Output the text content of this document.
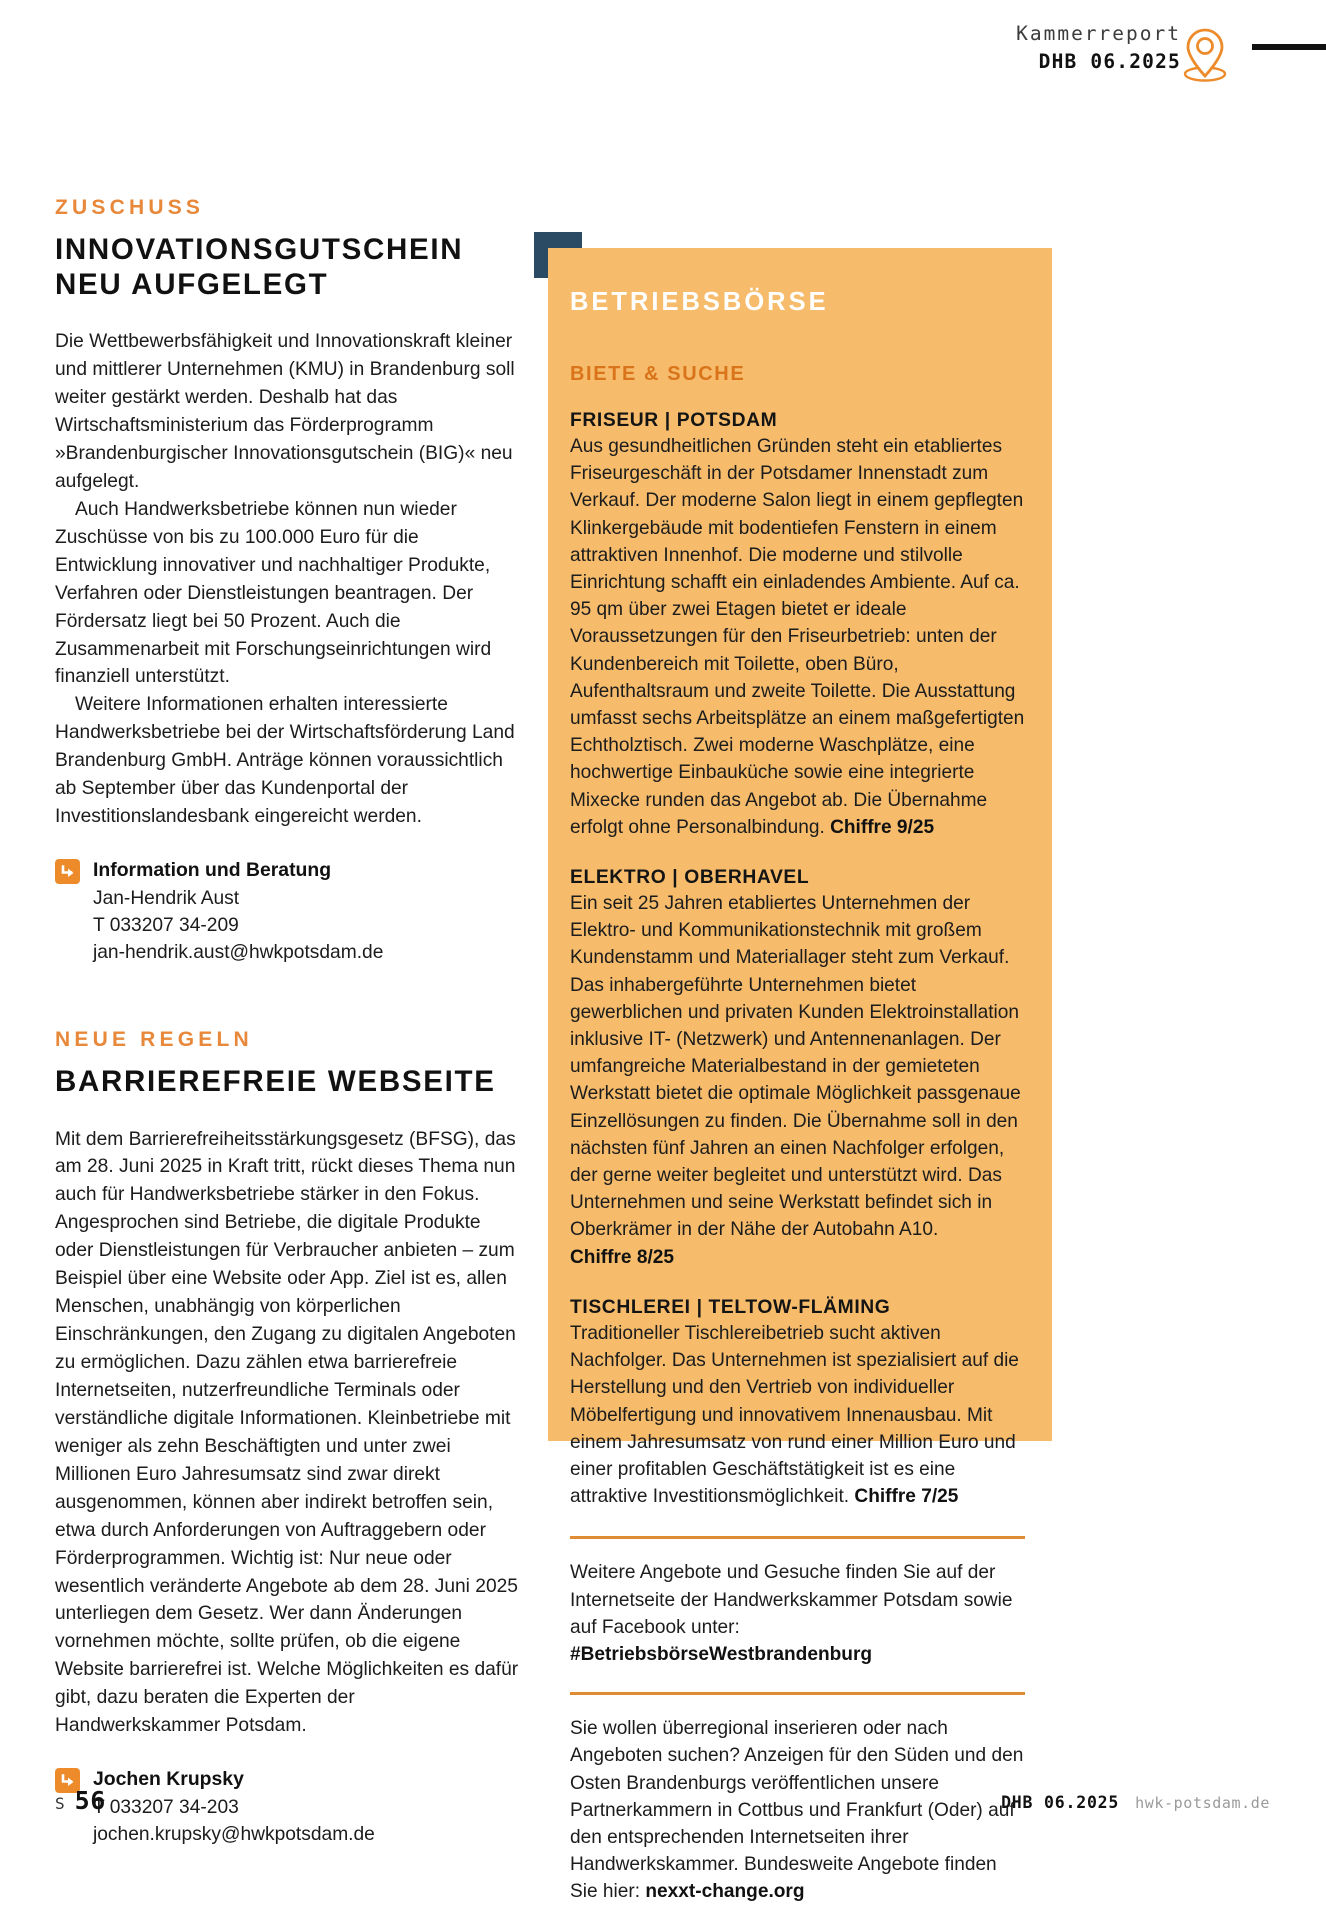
Kammerreport
DHB 06.2025
ZUSCHUSS
INNOVATIONSGUTSCHEIN
NEU AUFGELEGT

Die Wettbewerbsfähigkeit und Innovationskraft kleiner und mittlerer Unternehmen (KMU) in Brandenburg soll weiter gestärkt werden. Deshalb hat das Wirtschaftsministerium das Förderprogramm »Brandenburgischer Innovationsgutschein (BIG)« neu aufgelegt.

Auch Handwerksbetriebe können nun wieder Zuschüsse von bis zu 100.000 Euro für die Entwicklung innovativer und nachhaltiger Produkte, Verfahren oder Dienstleistungen beantragen. Der Fördersatz liegt bei 50 Prozent. Auch die Zusammenarbeit mit Forschungseinrichtungen wird finanziell unterstützt.

Weitere Informationen erhalten interessierte Handwerksbetriebe bei der Wirtschaftsförderung Land Brandenburg GmbH. Anträge können voraussichtlich ab September über das Kundenportal der Investitionslandesbank eingereicht werden.

Information und Beratung
Jan-Hendrik Aust
T 033207 34-209
jan-hendrik.aust@hwkpotsdam.de
NEUE REGELN
BARRIEREFREIE WEBSEITE

Mit dem Barrierefreiheitsstärkungsgesetz (BFSG), das am 28. Juni 2025 in Kraft tritt, rückt dieses Thema nun auch für Handwerksbetriebe stärker in den Fokus. Angesprochen sind Betriebe, die digitale Produkte oder Dienstleistungen für Verbraucher anbieten – zum Beispiel über eine Website oder App. Ziel ist es, allen Menschen, unabhängig von körperlichen Einschränkungen, den Zugang zu digitalen Angeboten zu ermöglichen. Dazu zählen etwa barrierefreie Internetseiten, nutzerfreundliche Terminals oder verständliche digitale Informationen. Kleinbetriebe mit weniger als zehn Beschäftigten und unter zwei Millionen Euro Jahresumsatz sind zwar direkt ausgenommen, können aber indirekt betroffen sein, etwa durch Anforderungen von Auftraggebern oder Förderprogrammen. Wichtig ist: Nur neue oder wesentlich veränderte Angebote ab dem 28. Juni 2025 unterliegen dem Gesetz. Wer dann Änderungen vornehmen möchte, sollte prüfen, ob die eigene Website barrierefrei ist. Welche Möglichkeiten es dafür gibt, dazu beraten die Experten der Handwerkskammer Potsdam.

Jochen Krupsky
T 033207 34-203
jochen.krupsky@hwkpotsdam.de
BETRIEBSBÖRSE
BIETE & SUCHE
FRISEUR | POTSDAM

Aus gesundheitlichen Gründen steht ein etabliertes Friseurgeschäft in der Potsdamer Innenstadt zum Verkauf. Der moderne Salon liegt in einem gepflegten Klinkergebäude mit bodentiefen Fenstern in einem attraktiven Innenhof. Die moderne und stilvolle Einrichtung schafft ein einladendes Ambiente. Auf ca. 95 qm über zwei Etagen bietet er ideale Voraussetzungen für den Friseurbetrieb: unten der Kundenbereich mit Toilette, oben Büro, Aufenthaltsraum und zweite Toilette. Die Ausstattung umfasst sechs Arbeitsplätze an einem maßgefertigten Echtholztisch. Zwei moderne Waschplätze, eine hochwertige Einbauküche sowie eine integrierte Mixecke runden das Angebot ab. Die Übernahme erfolgt ohne Personalbindung. Chiffre 9/25

ELEKTRO | OBERHAVEL

Ein seit 25 Jahren etabliertes Unternehmen der Elektro- und Kommunikationstechnik mit großem Kundenstamm und Materiallager steht zum Verkauf. Das inhabergeführte Unternehmen bietet gewerblichen und privaten Kunden Elektroinstallation inklusive IT- (Netzwerk) und Antennenanlagen. Der umfangreiche Materialbestand in der gemieteten Werkstatt bietet die optimale Möglichkeit passgenaue Einzellösungen zu finden. Die Übernahme soll in den nächsten fünf Jahren an einen Nachfolger erfolgen, der gerne weiter begleitet und unterstützt wird. Das Unternehmen und seine Werkstatt befindet sich in Oberkrämer in der Nähe der Autobahn A10. Chiffre 8/25

TISCHLEREI | TELTOW-FLÄMING

Traditioneller Tischlereibetrieb sucht aktiven Nachfolger. Das Unternehmen ist spezialisiert auf die Herstellung und den Vertrieb von individueller Möbelfertigung und innovativem Innenausbau. Mit einem Jahresumsatz von rund einer Million Euro und einer profitablen Geschäftstätigkeit ist es eine attraktive Investitionsmöglichkeit. Chiffre 7/25

Weitere Angebote und Gesuche finden Sie auf der Internetseite der Handwerkskammer Potsdam sowie auf Facebook unter: #BetriebsbörseWestbrandenburg

Sie wollen überregional inserieren oder nach Angeboten suchen? Anzeigen für den Süden und den Osten Brandenburgs veröffentlichen unsere Partnerkammern in Cottbus und Frankfurt (Oder) auf den entsprechenden Internetseiten ihrer Handwerkskammer. Bundesweite Angebote finden Sie hier: nexxt-change.org

S 56	DHB 06.2025 hwk-potsdam.de
